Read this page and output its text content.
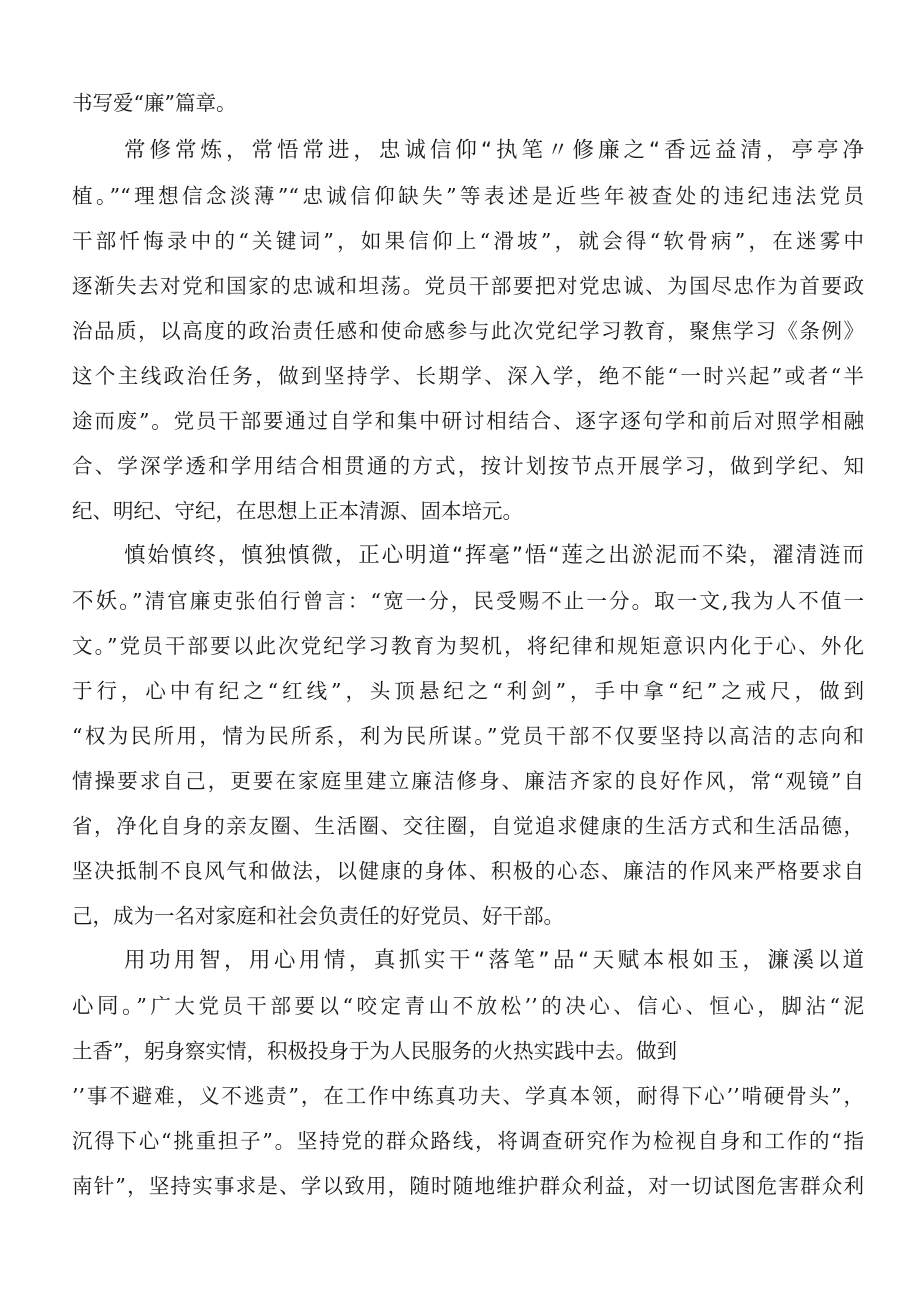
书写爱“廉”篇章。
常修常炼，常悟常进，忠诚信仰“执笔〃修廉之“香远益清，亭亭净
植。”“理想信念淡薄”“忠诚信仰缺失”等表述是近些年被查处的违纪违法党员
干部忏悔录中的“关键词”，如果信仰上“滑坡”，就会得“软骨病”，在迷雾中
逐渐失去对党和国家的忠诚和坦荡。党员干部要把对党忠诚、为国尽忠作为首要政
治品质，以高度的政治责任感和使命感参与此次党纪学习教育，聚焦学习《条例》
这个主线政治任务，做到坚持学、长期学、深入学，绝不能“一时兴起”或者“半
途而废”。党员干部要通过自学和集中研讨相结合、逐字逐句学和前后对照学相融
合、学深学透和学用结合相贯通的方式，按计划按节点开展学习，做到学纪、知
纪、明纪、守纪，在思想上正本清源、固本培元。
慎始慎终，慎独慎微，正心明道“挥毫”悟“莲之出淤泥而不染，濯清涟而
不妖。”清官廉吏张伯行曾言：“宽一分，民受赐不止一分。取一文,我为人不值一
文。”党员干部要以此次党纪学习教育为契机，将纪律和规矩意识内化于心、外化
于行，心中有纪之“红线”，头顶悬纪之“利剑”，手中拿“纪”之戒尺，做到
“权为民所用，情为民所系，利为民所谋。”党员干部不仅要坚持以高洁的志向和
情操要求自己，更要在家庭里建立廉洁修身、廉洁齐家的良好作风，常“观镜”自
省，净化自身的亲友圈、生活圈、交往圈，自觉追求健康的生活方式和生活品德，
坚决抵制不良风气和做法，以健康的身体、积极的心态、廉洁的作风来严格要求自
己，成为一名对家庭和社会负责任的好党员、好干部。
用功用智，用心用情，真抓实干“落笔”品“天赋本根如玉，濂溪以道
心同。”广大党员干部要以“咬定青山不放松’’的决心、信心、恒心，脚沾“泥
土香”，躬身察实情，积极投身于为人民服务的火热实践中去。做到
’’事不避难，义不逃责”，在工作中练真功夫、学真本领，耐得下心’’啃硬骨头”，
沉得下心“挑重担子”。坚持党的群众路线，将调查研究作为检视自身和工作的“指
南针”，坚持实事求是、学以致用，随时随地维护群众利益，对一切试图危害群众利
